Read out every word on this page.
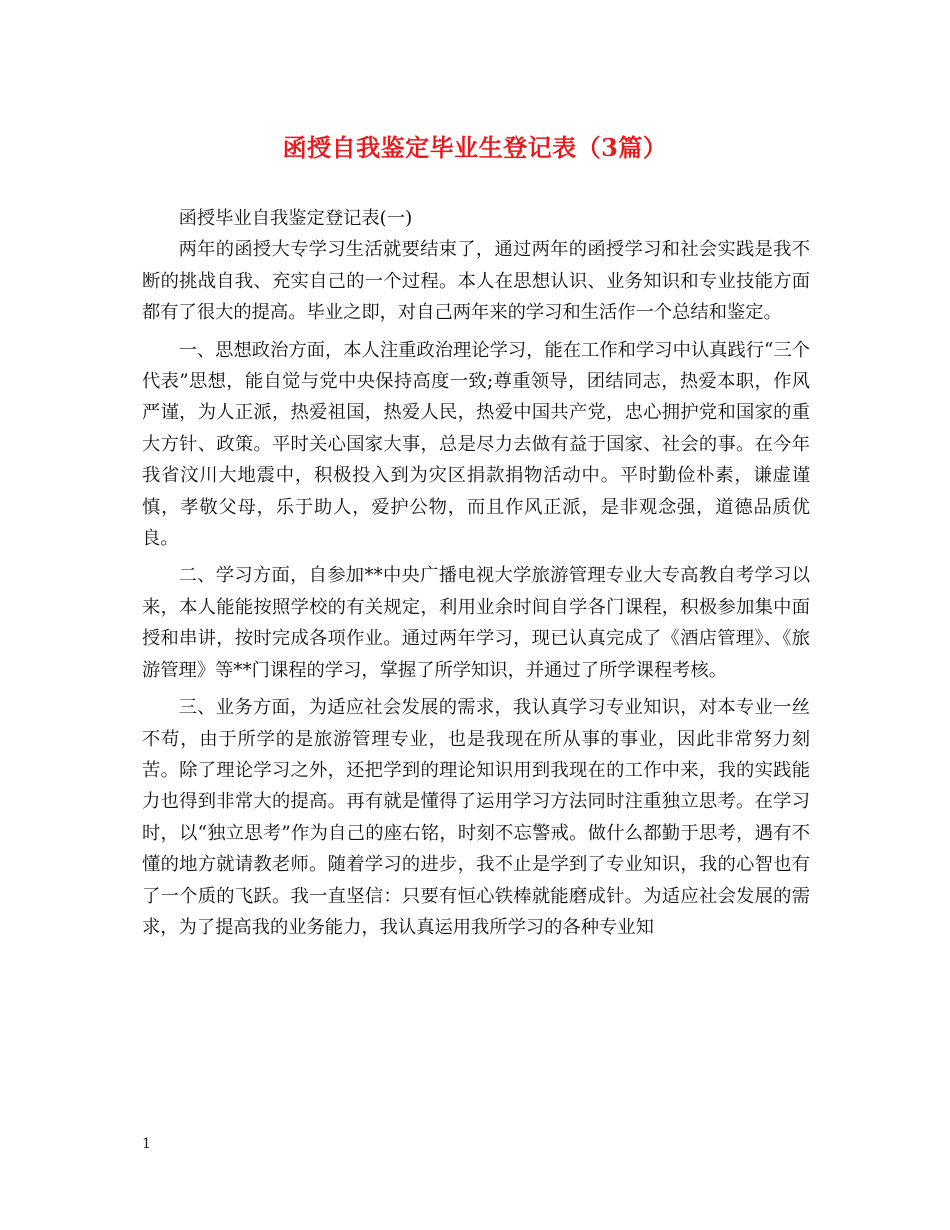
函授自我鉴定毕业生登记表（3篇）

函授毕业自我鉴定登记表(一)

两年的函授大专学习生活就要结束了，通过两年的函授学习和社会实践是我不断的挑战自我、充实自己的一个过程。本人在思想认识、业务知识和专业技能方面都有了很大的提高。毕业之即，对自己两年来的学习和生活作一个总结和鉴定。

一、思想政治方面，本人注重政治理论学习，能在工作和学习中认真践行“三个代表”思想，能自觉与党中央保持高度一致;尊重领导，团结同志，热爱本职，作风严谨，为人正派，热爱祖国，热爱人民，热爱中国共产党，忠心拥护党和国家的重大方针、政策。平时关心国家大事，总是尽力去做有益于国家、社会的事。在今年我省汶川大地震中，积极投入到为灾区捐款捐物活动中。平时勤俭朴素，谦虚谨慎，孝敬父母，乐于助人，爱护公物，而且作风正派，是非观念强，道德品质优良。

二、学习方面，自参加**中央广播电视大学旅游管理专业大专高教自考学习以来，本人能能按照学校的有关规定，利用业余时间自学各门课程，积极参加集中面授和串讲，按时完成各项作业。通过两年学习，现已认真完成了《酒店管理》、《旅游管理》等**门课程的学习，掌握了所学知识，并通过了所学课程考核。

三、业务方面，为适应社会发展的需求，我认真学习专业知识，对本专业一丝不苟，由于所学的是旅游管理专业，也是我现在所从事的事业，因此非常努力刻苦。除了理论学习之外，还把学到的理论知识用到我现在的工作中来，我的实践能力也得到非常大的提高。再有就是懂得了运用学习方法同时注重独立思考。在学习时，以“独立思考”作为自己的座右铭，时刻不忘警戒。做什么都勤于思考，遇有不懂的地方就请教老师。随着学习的进步，我不止是学到了专业知识，我的心智也有了一个质的飞跃。我一直坚信：只要有恒心铁棒就能磨成针。为适应社会发展的需求，为了提高我的业务能力，我认真运用我所学习的各种专业知

1
